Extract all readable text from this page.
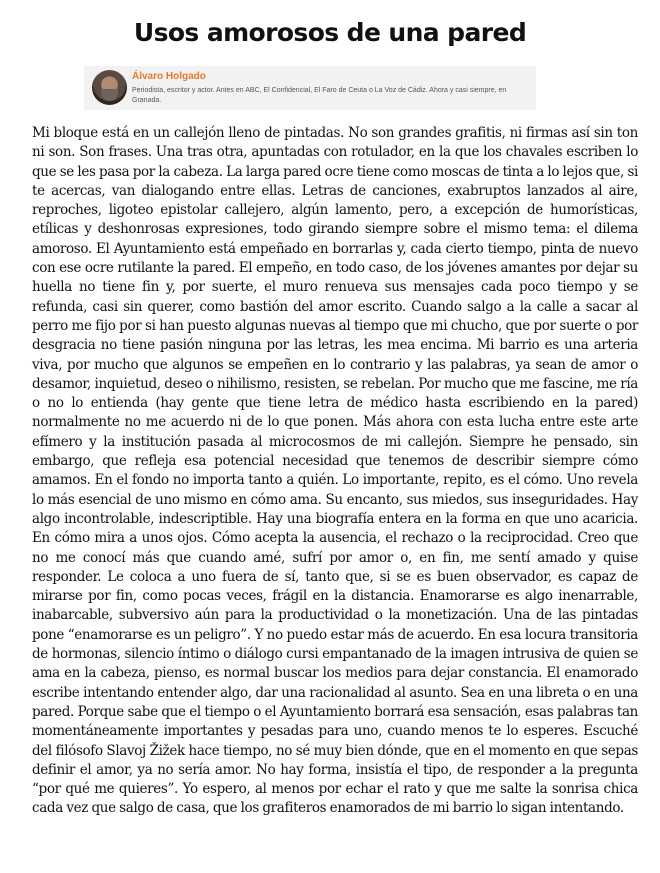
Usos amorosos de una pared
Álvaro Holgado
Periodista, escritor y actor. Antes en ABC, El Confidencial, El Faro de Ceuta o La Voz de Cádiz. Ahora y casi siempre, en Granada.

Mi bloque está en un callejón lleno de pintadas. No son grandes grafitis, ni firmas así sin ton ni son. Son frases. Una tras otra, apuntadas con rotulador, en la que los chavales escriben lo que se les pasa por la cabeza. La larga pared ocre tiene como moscas de tinta a lo lejos que, si te acercas, van dialogando entre ellas. Letras de canciones, exabruptos lanzados al aire, reproches, ligoteo epistolar callejero, algún lamento, pero, a excepción de humorísticas, etílicas y deshonrosas expresiones, todo girando siempre sobre el mismo tema: el dilema amoroso. El Ayuntamiento está empeñado en borrarlas y, cada cierto tiempo, pinta de nuevo con ese ocre rutilante la pared. El empeño, en todo caso, de los jóvenes amantes por dejar su huella no tiene fin y, por suerte, el muro renueva sus mensajes cada poco tiempo y se refunda, casi sin querer, como bastión del amor escrito. Cuando salgo a la calle a sacar al perro me fijo por si han puesto algunas nuevas al tiempo que mi chucho, que por suerte o por desgracia no tiene pasión ninguna por las letras, les mea encima. Mi barrio es una arteria viva, por mucho que algunos se empeñen en lo contrario y las palabras, ya sean de amor o desamor, inquietud, deseo o nihilismo, resisten, se rebelan. Por mucho que me fascine, me ría o no lo entienda (hay gente que tiene letra de médico hasta escribiendo en la pared) normalmente no me acuerdo ni de lo que ponen. Más ahora con esta lucha entre este arte efímero y la institución pasada al microcosmos de mi callejón. Siempre he pensado, sin embargo, que refleja esa potencial necesidad que tenemos de describir siempre cómo amamos. En el fondo no importa tanto a quién. Lo importante, repito, es el cómo. Uno revela lo más esencial de uno mismo en cómo ama. Su encanto, sus miedos, sus inseguridades. Hay algo incontrolable, indescriptible. Hay una biografía entera en la forma en que uno acaricia. En cómo mira a unos ojos. Cómo acepta la ausencia, el rechazo o la reciprocidad. Creo que no me conocí más que cuando amé, sufrí por amor o, en fin, me sentí amado y quise responder. Le coloca a uno fuera de sí, tanto que, si se es buen observador, es capaz de mirarse por fin, como pocas veces, frágil en la distancia. Enamorarse es algo inenarrable, inabarcable, subversivo aún para la productividad o la monetización. Una de las pintadas pone “enamorarse es un peligro”. Y no puedo estar más de acuerdo. En esa locura transitoria de hormonas, silencio íntimo o diálogo cursi empantanado de la imagen intrusiva de quien se ama en la cabeza, pienso, es normal buscar los medios para dejar constancia. El enamorado escribe intentando entender algo, dar una racionalidad al asunto. Sea en una libreta o en una pared. Porque sabe que el tiempo o el Ayuntamiento borrará esa sensación, esas palabras tan momentáneamente importantes y pesadas para uno, cuando menos te lo esperes. Escuché del filósofo Slavoj Žižek hace tiempo, no sé muy bien dónde, que en el momento en que sepas definir el amor, ya no sería amor. No hay forma, insistía el tipo, de responder a la pregunta “por qué me quieres”. Yo espero, al menos por echar el rato y que me salte la sonrisa chica cada vez que salgo de casa, que los grafiteros enamorados de mi barrio lo sigan intentando.
